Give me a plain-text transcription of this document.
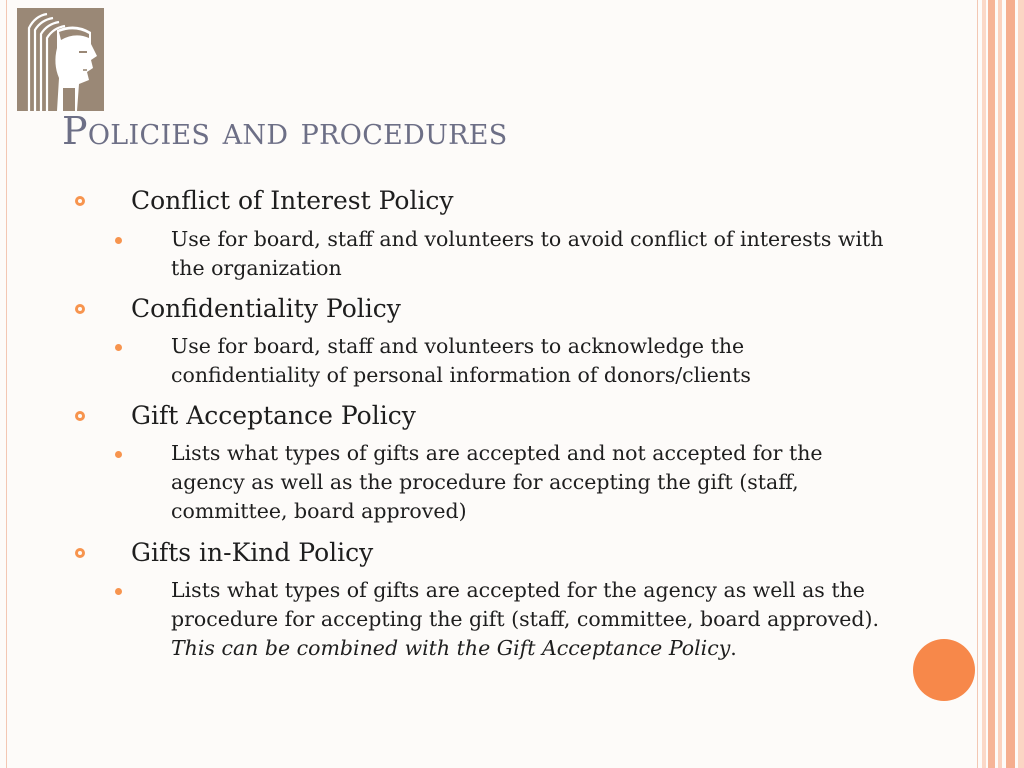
Policies and procedures
Conflict of Interest Policy
Use for board, staff and volunteers to avoid conflict of interests with the organization
Confidentiality Policy
Use for board, staff and volunteers to acknowledge the confidentiality of personal information of donors/clients
Gift Acceptance Policy
Lists what types of gifts are accepted and not accepted for the agency as well as the procedure for accepting the gift (staff, committee, board approved)
Gifts in-Kind Policy
Lists what types of gifts are accepted for the agency as well as the procedure for accepting the gift (staff, committee, board approved).  This can be combined with the Gift Acceptance Policy.
